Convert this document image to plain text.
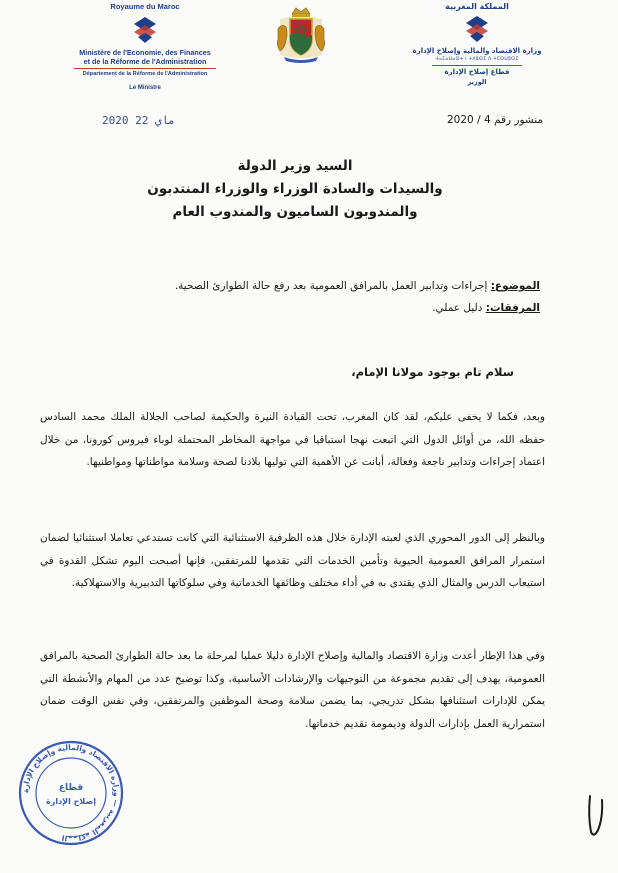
Royaume du Maroc
Ministère de l'Economie, des Finances
et de la Réforme de l'Administration
Département de la Réforme de l'Administration
Le Ministre
المملكة المغربية
وزارة الاقتصاد والمالية وإصلاح الإدارة
ⵜⴰⵎⴰⵡⴰⵙⵜ ⵏ ⵜⴷⵓⵙⵉ ⴷ ⵜⵎⵙⵡⵓⵔⵉ
قطاع إصلاح الإدارة
الوزير
2020 ماي 22	منشور رقم 4 / 2020
السيد وزير الدولة
والسيدات والسادة الوزراء والوزراء المنتدبون
والمندوبون الساميون والمندوب العام
الموضوع: إجراءات وتدابير العمل بالمرافق العمومية بعد رفع حالة الطوارئ الصحية.
المرفقات: دليل عملي.
سلام تام بوجود مولانا الإمام،
وبعد، فكما لا يخفى عليكم، لقد كان المغرب، تحت القيادة النيرة والحكيمة لصاحب الجلالة الملك محمد السادس حفظه الله، من أوائل الدول التي اتبعت نهجا استباقيا في مواجهة المخاطر المحتملة لوباء فيروس كورونا، من خلال اعتماد إجراءات وتدابير ناجعة وفعالة، أبانت عن الأهمية التي توليها بلادنا لصحة وسلامة مواطناتها ومواطنيها.
وبالنظر إلى الدور المحوري الذي لعبته الإدارة خلال هذه الظرفية الاستثنائية التي كانت تستدعي تعاملا استثنائيا لضمان استمرار المرافق العمومية الحيوية وتأمين الخدمات التي تقدمها للمرتفقين، فإنها أصبحت اليوم تشكل القدوة في استيعاب الدرس والمثال الذي يقتدى به في أداء مختلف وظائفها الخدماتية وفي سلوكاتها التدبيرية والاستهلاكية.
وفي هذا الإطار أعدت وزارة الاقتصاد والمالية وإصلاح الإدارة دليلا عمليا لمرحلة ما بعد حالة الطوارئ الصحية بالمرافق العمومية، يهدف إلى تقديم مجموعة من التوجيهات والإرشادات الأساسية، وكذا توضيح عدد من المهام والأنشطة التي يمكن للإدارات استئنافها بشكل تدريجي، بما يضمن سلامة وصحة الموظفين والمرتفقين، وفي نفس الوقت ضمان استمرارية العمل بإدارات الدولة وديمومة تقديم خدماتها.
المملكة المغربية — وزارة الاقتصاد والمالية وإصلاح الإدارة
قطاع
إصلاح الإدارة
